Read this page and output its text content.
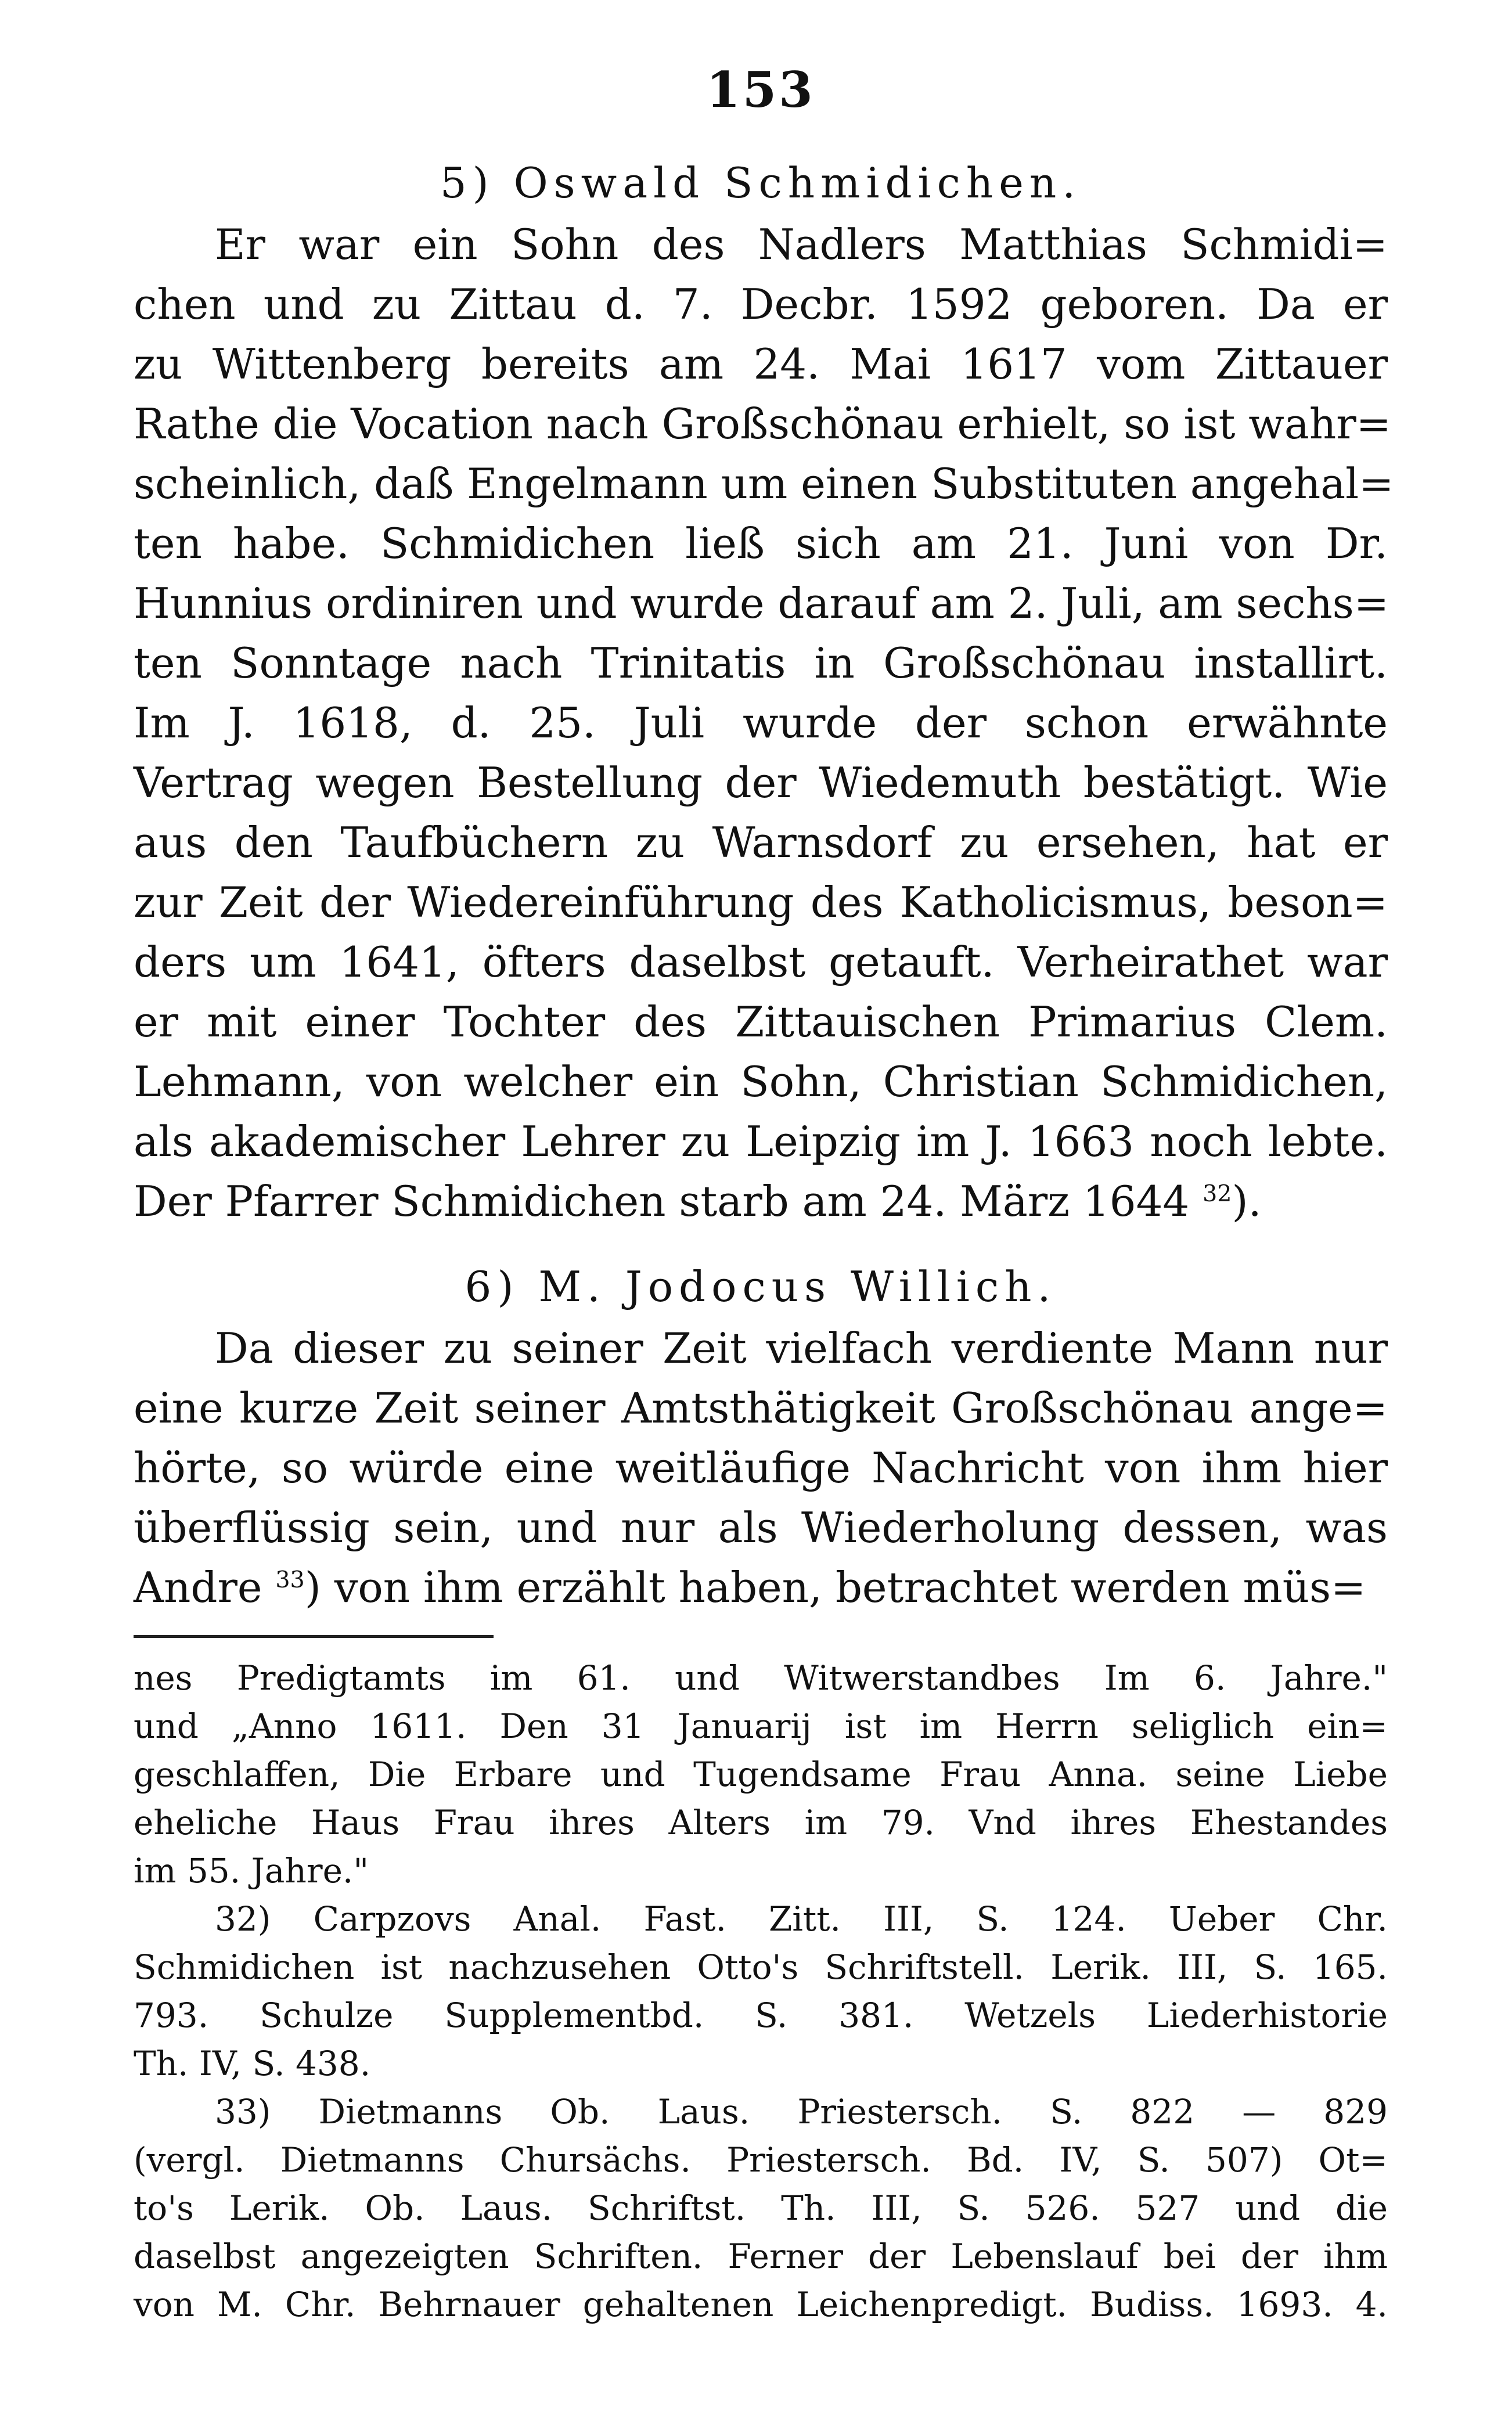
153
5) Oswald Schmidichen.
Er war ein Sohn des Nadlers Matthias Schmidi=
chen und zu Zittau d. 7. Decbr. 1592 geboren. Da er
zu Wittenberg bereits am 24. Mai 1617 vom Zittauer
Rathe die Vocation nach Großschönau erhielt, so ist wahr=
scheinlich, daß Engelmann um einen Substituten angehal=
ten habe. Schmidichen ließ sich am 21. Juni von Dr.
Hunnius ordiniren und wurde darauf am 2. Juli, am sechs=
ten Sonntage nach Trinitatis in Großschönau installirt.
Im J. 1618, d. 25. Juli wurde der schon erwähnte
Vertrag wegen Bestellung der Wiedemuth bestätigt. Wie
aus den Taufbüchern zu Warnsdorf zu ersehen, hat er
zur Zeit der Wiedereinführung des Katholicismus, beson=
ders um 1641, öfters daselbst getauft. Verheirathet war
er mit einer Tochter des Zittauischen Primarius Clem.
Lehmann, von welcher ein Sohn, Christian Schmidichen,
als akademischer Lehrer zu Leipzig im J. 1663 noch lebte.
Der Pfarrer Schmidichen starb am 24. März 1644 $^{32}$).
6) M. Jodocus Willich.
Da dieser zu seiner Zeit vielfach verdiente Mann nur
eine kurze Zeit seiner Amtsthätigkeit Großschönau ange=
hörte, so würde eine weitläufige Nachricht von ihm hier
überflüssig sein, und nur als Wiederholung dessen, was
Andre $^{33}$) von ihm erzählt haben, betrachtet werden müs=
nes Predigtamts im 61. und Witwerstandbes Im 6. Jahre."
und „Anno 1611. Den 31 Januarij ist im Herrn seliglich ein=
geschlaffen, Die Erbare und Tugendsame Frau Anna. seine Liebe
eheliche Haus Frau ihres Alters im 79. Vnd ihres Ehestandes
im 55. Jahre."
32) Carpzovs Anal. Fast. Zitt. III, S. 124. Ueber Chr.
Schmidichen ist nachzusehen Otto's Schriftstell. Lerik. III, S. 165.
793. Schulze Supplementbd. S. 381. Wetzels Liederhistorie
Th. IV, S. 438.
33) Dietmanns Ob. Laus. Priestersch. S. 822 — 829
(vergl. Dietmanns Chursächs. Priestersch. Bd. IV, S. 507) Ot=
to's Lerik. Ob. Laus. Schriftst. Th. III, S. 526. 527 und die
daselbst angezeigten Schriften. Ferner der Lebenslauf bei der ihm
von M. Chr. Behrnauer gehaltenen Leichenpredigt. Budiss. 1693. 4.
